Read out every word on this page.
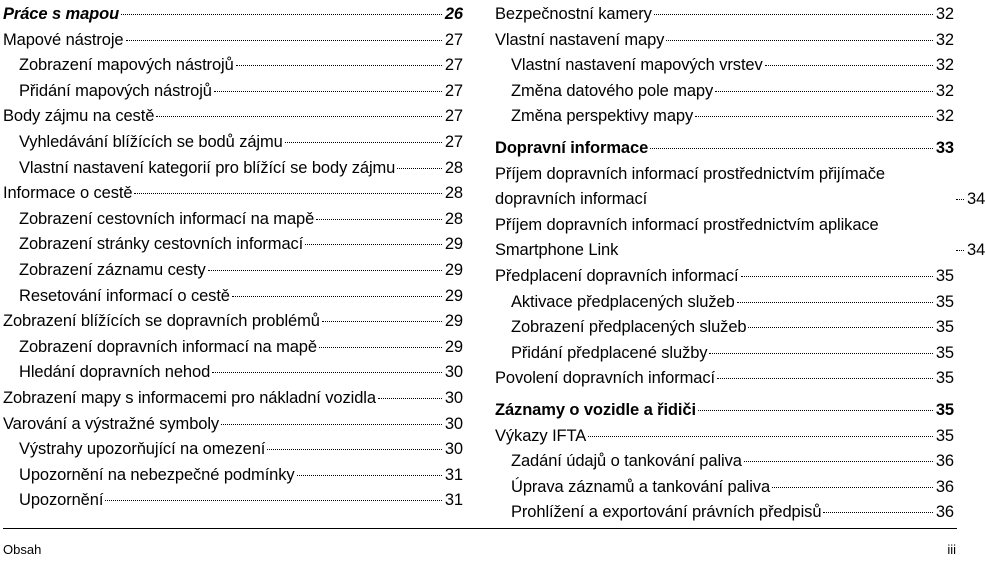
Práce s mapou	26
Mapové nástroje	27
Zobrazení mapových nástrojů	27
Přidání mapových nástrojů	27
Body zájmu na cestě	27
Vyhledávání blížících se bodů zájmu	27
Vlastní nastavení kategorií pro blížící se body zájmu	28
Informace o cestě	28
Zobrazení cestovních informací na mapě	28
Zobrazení stránky cestovních informací	29
Zobrazení záznamu cesty	29
Resetování informací o cestě	29
Zobrazení blížících se dopravních problémů	29
Zobrazení dopravních informací na mapě	29
Hledání dopravních nehod	30
Zobrazení mapy s informacemi pro nákladní vozidla	30
Varování a výstražné symboly	30
Výstrahy upozorňující na omezení	30
Upozornění na nebezpečné podmínky	31
Upozornění	31
Bezpečnostní kamery	32
Vlastní nastavení mapy	32
Vlastní nastavení mapových vrstev	32
Změna datového pole mapy	32
Změna perspektivy mapy	32
Dopravní informace	33
Příjem dopravních informací prostřednictvím přijímače
dopravních informací	34
Příjem dopravních informací prostřednictvím aplikace
Smartphone Link	34
Předplacení dopravních informací	35
Aktivace předplacených služeb	35
Zobrazení předplacených služeb	35
Přidání předplacené služby	35
Povolení dopravních informací	35
Záznamy o vozidle a řidiči	35
Výkazy IFTA	35
Zadání údajů o tankování paliva	36
Úprava záznamů a tankování paliva	36
Prohlížení a exportování právních předpisů	36
Obsah	iii
